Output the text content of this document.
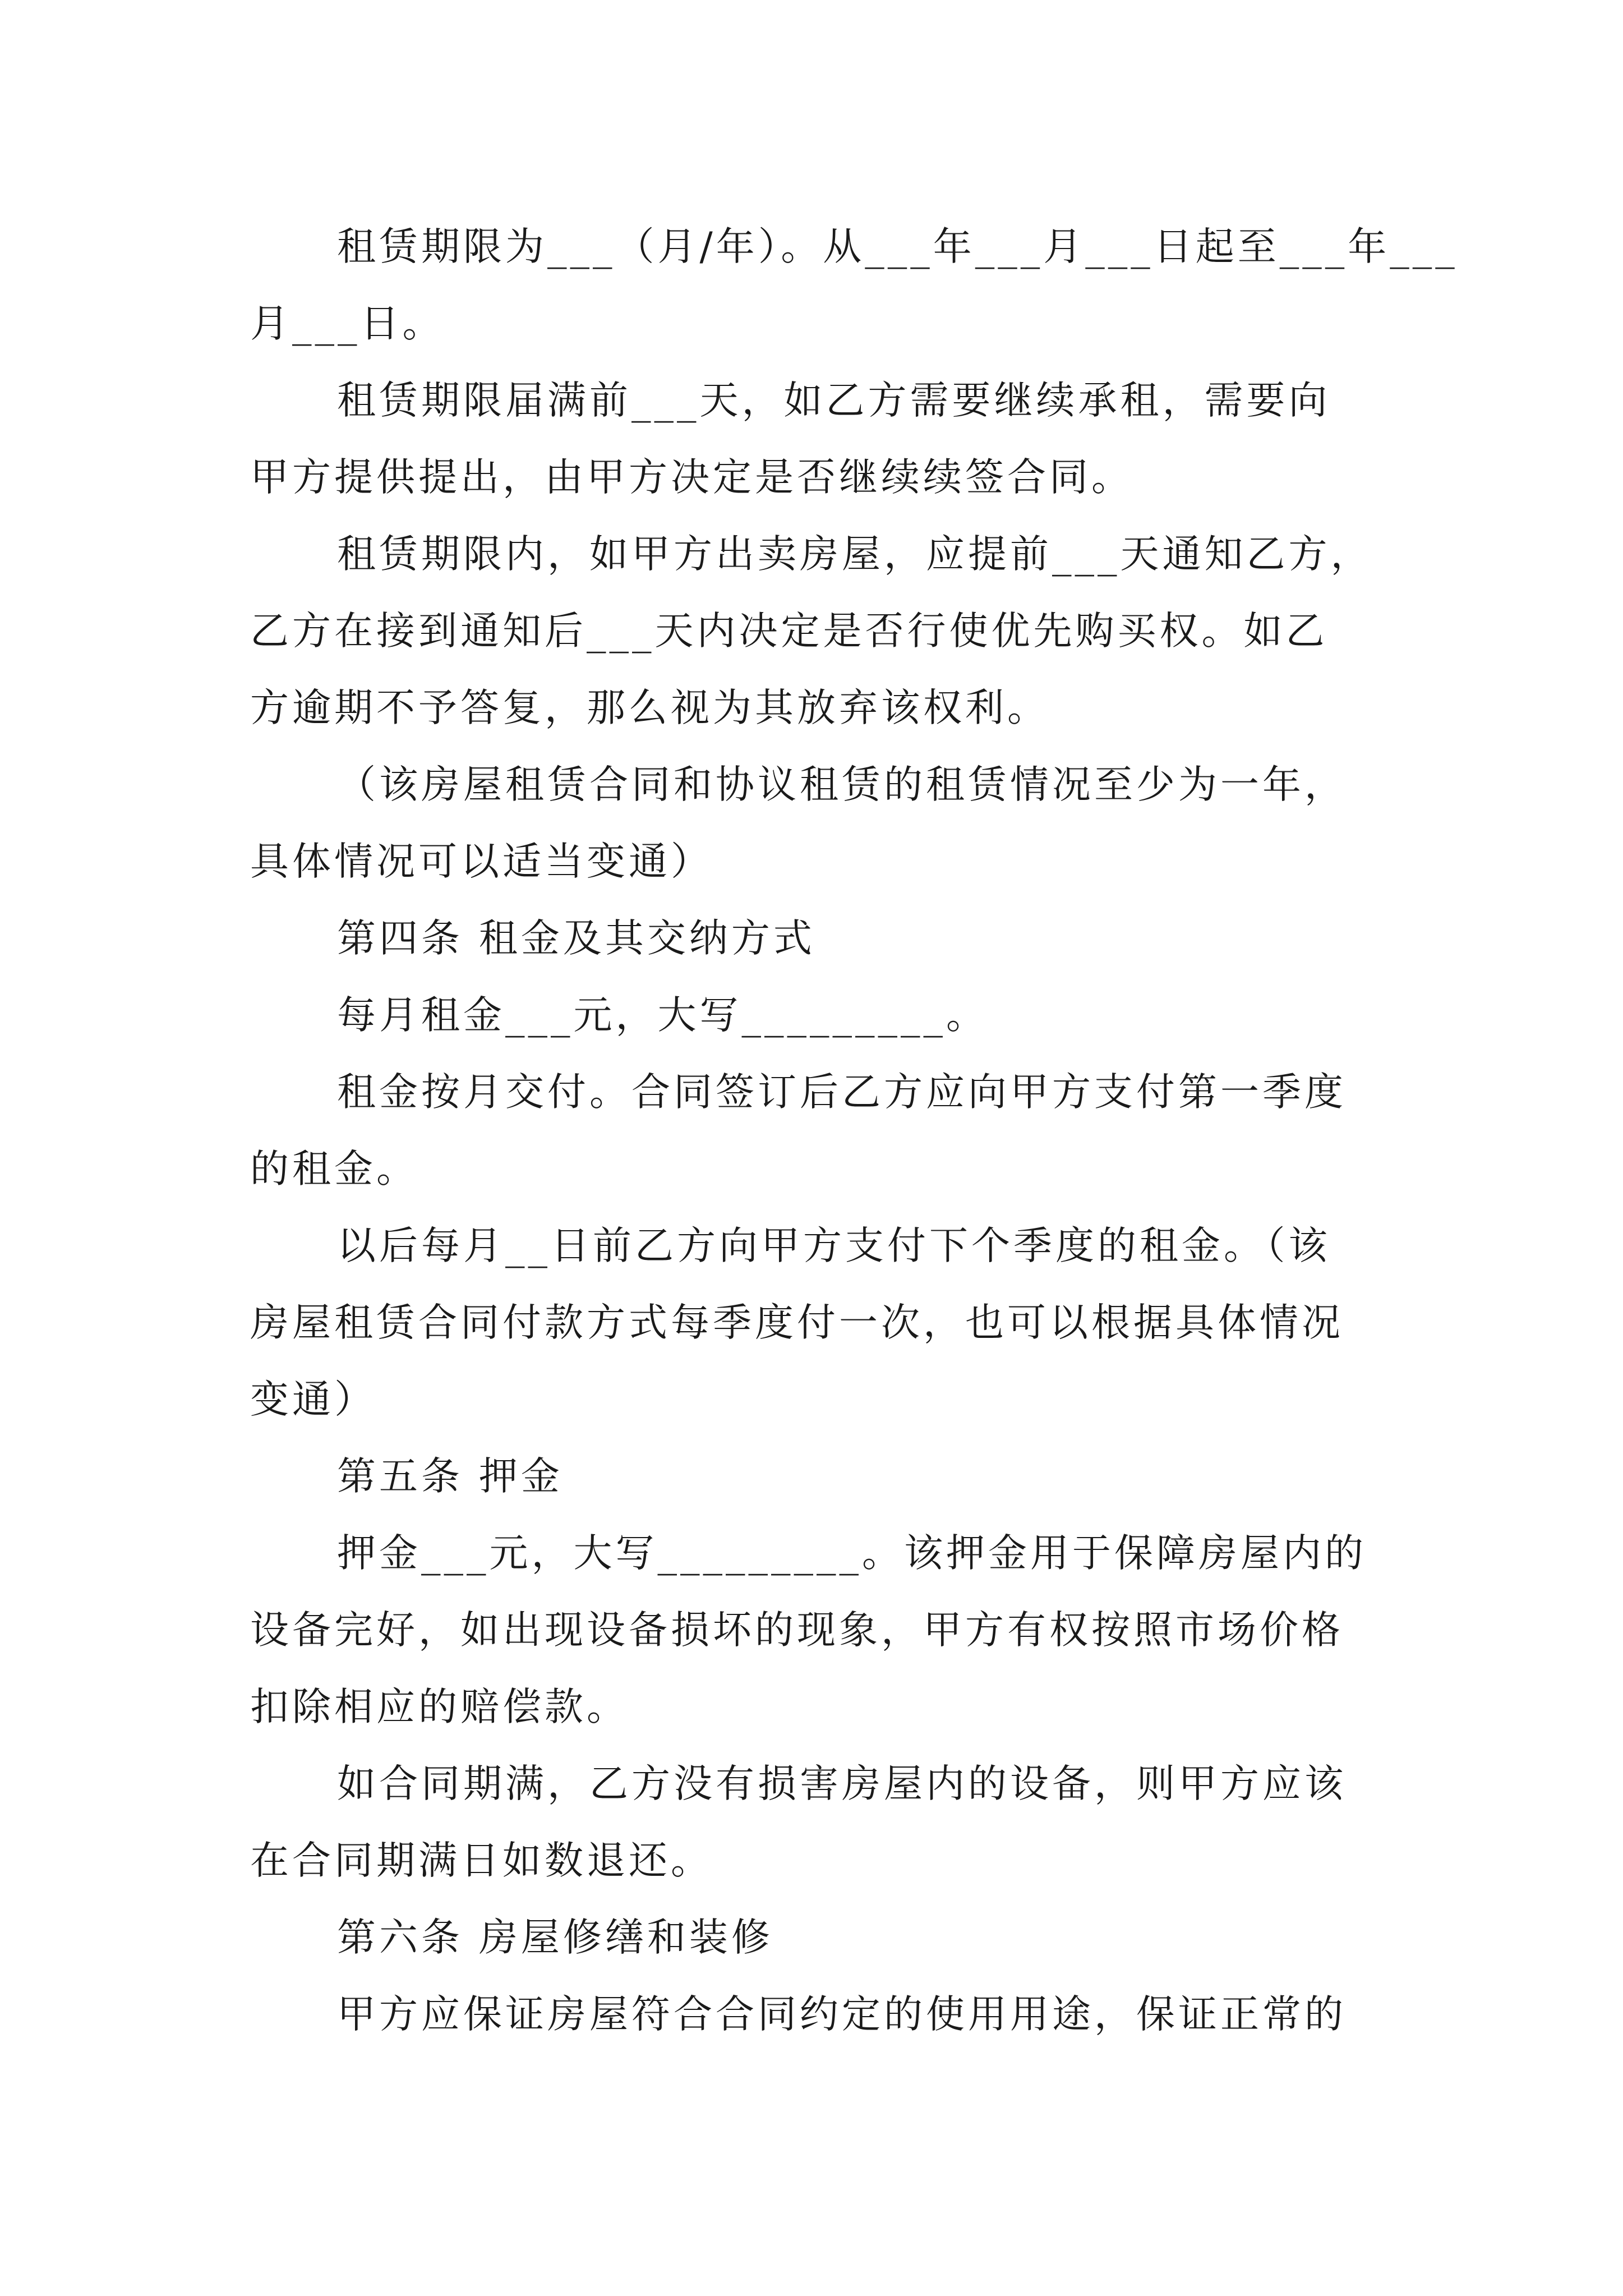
租赁期限为___（月/年）。从___年___月___日起至___年___
月___日。
租赁期限届满前___天，如乙方需要继续承租，需要向
甲方提供提出，由甲方决定是否继续续签合同。
租赁期限内，如甲方出卖房屋，应提前___天通知乙方，
乙方在接到通知后___天内决定是否行使优先购买权。如乙
方逾期不予答复，那么视为其放弃该权利。
（该房屋租赁合同和协议租赁的租赁情况至少为一年，
具体情况可以适当变通）
第四条 租金及其交纳方式
每月租金___元，大写_________。
租金按月交付。合同签订后乙方应向甲方支付第一季度
的租金。
以后每月__日前乙方向甲方支付下个季度的租金。（该
房屋租赁合同付款方式每季度付一次，也可以根据具体情况
变通）
第五条 押金
押金___元，大写_________。该押金用于保障房屋内的
设备完好，如出现设备损坏的现象，甲方有权按照市场价格
扣除相应的赔偿款。
如合同期满，乙方没有损害房屋内的设备，则甲方应该
在合同期满日如数退还。
第六条 房屋修缮和装修
甲方应保证房屋符合合同约定的使用用途，保证正常的
